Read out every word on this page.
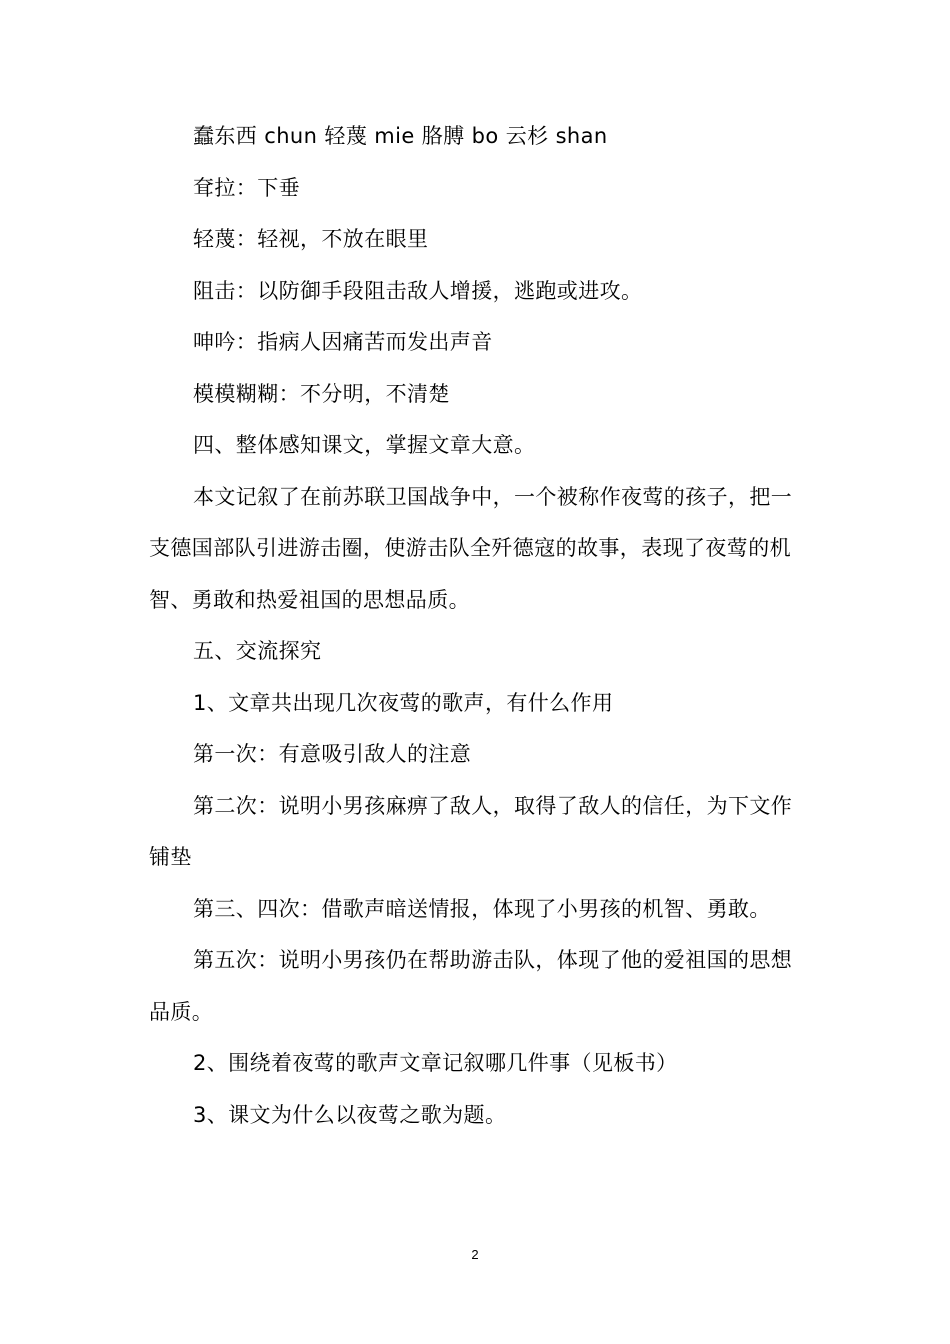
蠢东西 chun 轻蔑 mie 胳膊 bo 云杉 shan

耷拉：下垂

轻蔑：轻视，不放在眼里

阻击：以防御手段阻击敌人增援，逃跑或进攻。

呻吟：指病人因痛苦而发出声音

模模糊糊：不分明，不清楚

四、整体感知课文，掌握文章大意。

本文记叙了在前苏联卫国战争中，一个被称作夜莺的孩子，把一支德国部队引进游击圈，使游击队全歼德寇的故事，表现了夜莺的机智、勇敢和热爱祖国的思想品质。

五、交流探究

1、文章共出现几次夜莺的歌声，有什么作用

第一次：有意吸引敌人的注意

第二次：说明小男孩麻痹了敌人，取得了敌人的信任，为下文作铺垫

第三、四次：借歌声暗送情报，体现了小男孩的机智、勇敢。

第五次：说明小男孩仍在帮助游击队，体现了他的爱祖国的思想品质。

2、围绕着夜莺的歌声文章记叙哪几件事（见板书）

3、课文为什么以夜莺之歌为题。

2
